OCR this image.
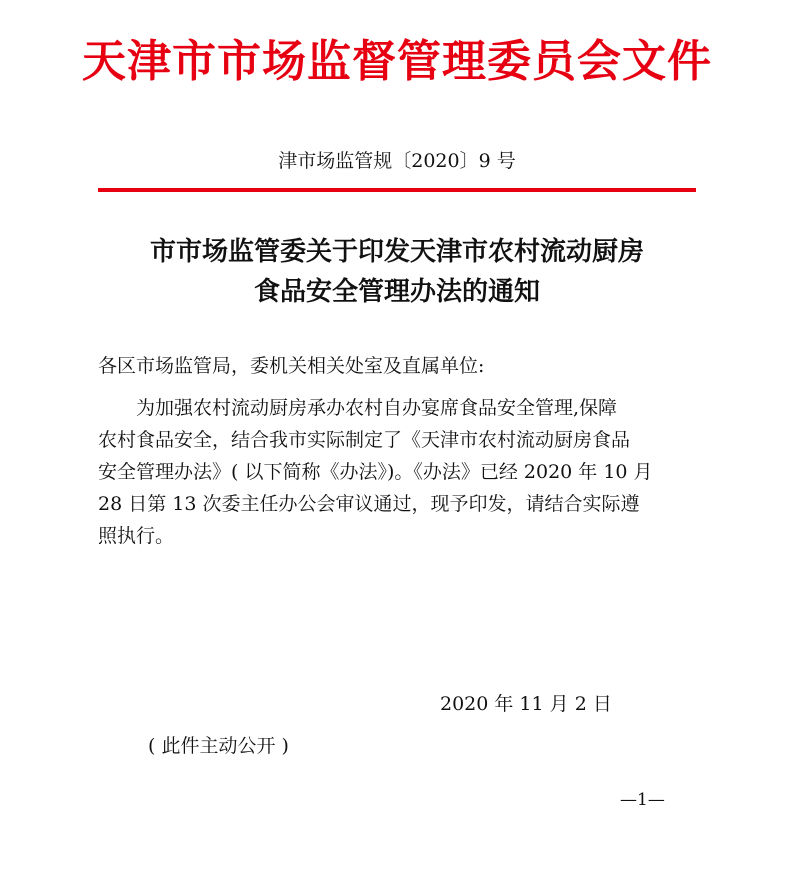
天津市市场监督管理委员会文件
津市场监管规〔2020〕9 号
市市场监管委关于印发天津市农村流动厨房
食品安全管理办法的通知
各区市场监管局，委机关相关处室及直属单位:
为加强农村流动厨房承办农村自办宴席食品安全管理,保障
农村食品安全，结合我市实际制定了《天津市农村流动厨房食品
安全管理办法》( 以下简称《办法》)。《办法》已经 2020 年 10 月
28 日第 13 次委主任办公会审议通过，现予印发，请结合实际遵
照执行。
2020 年 11 月 2 日
( 此件主动公开 )
—1—
